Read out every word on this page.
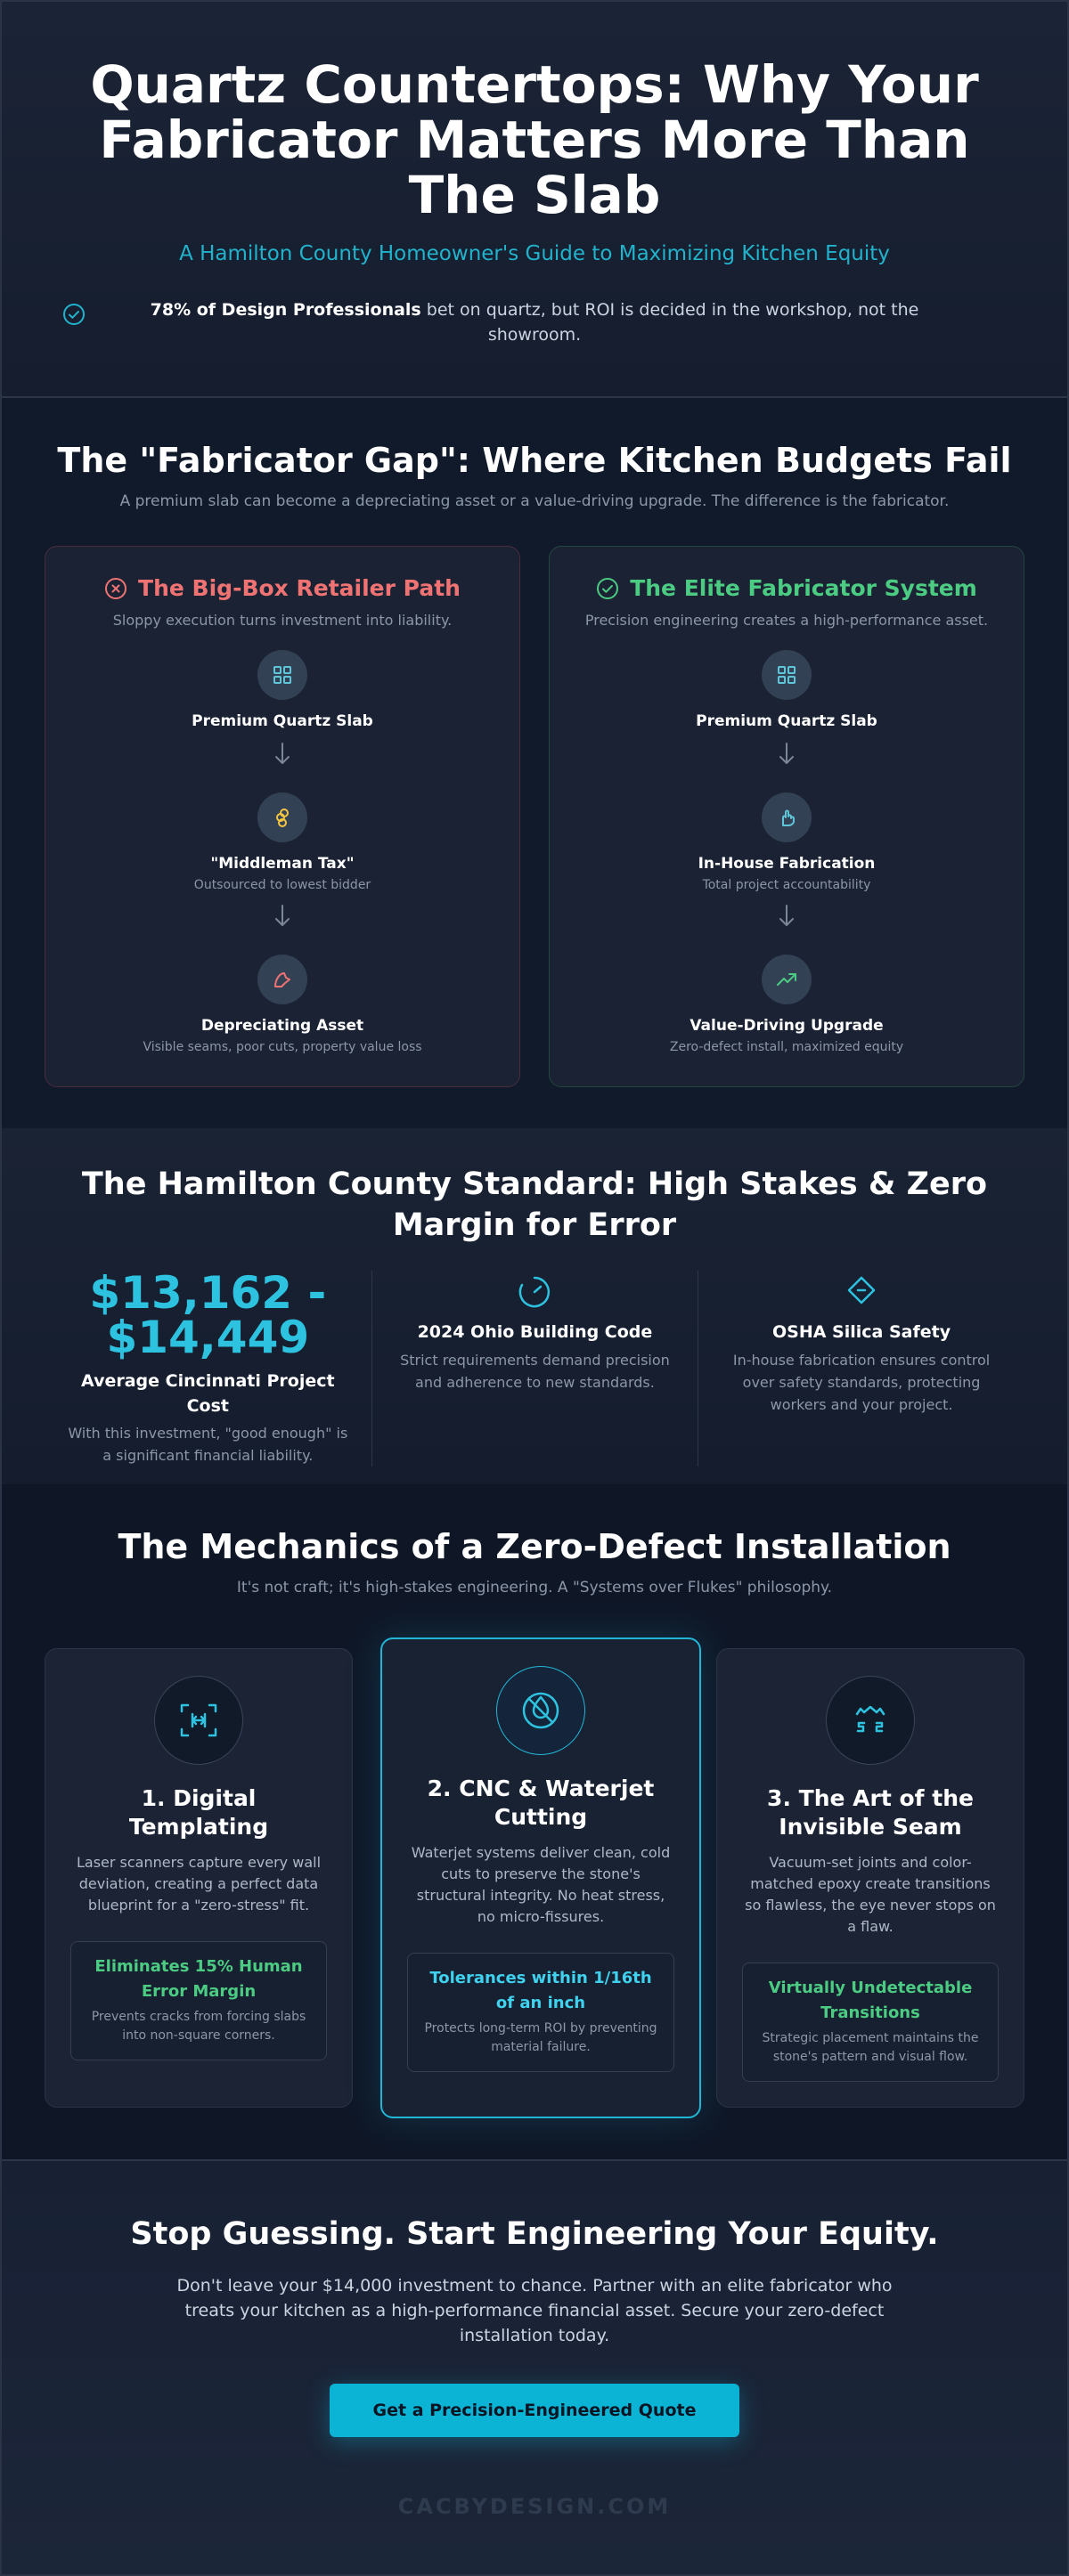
Quartz Countertops: Why Your Fabricator Matters More Than The Slab
A Hamilton County Homeowner's Guide to Maximizing Kitchen Equity
78% of Design Professionals bet on quartz, but ROI is decided in the workshop, not the showroom.
The "Fabricator Gap": Where Kitchen Budgets Fail
A premium slab can become a depreciating asset or a value-driving upgrade. The difference is the fabricator.
The Big-Box Retailer Path
Sloppy execution turns investment into liability.
Premium Quartz Slab
"Middleman Tax"
Outsourced to lowest bidder
Depreciating Asset
Visible seams, poor cuts, property value loss
The Elite Fabricator System
Precision engineering creates a high-performance asset.
Premium Quartz Slab
In-House Fabrication
Total project accountability
Value-Driving Upgrade
Zero-defect install, maximized equity
The Hamilton County Standard: High Stakes & Zero Margin for Error
$13,162 - $14,449
Average Cincinnati Project Cost
With this investment, "good enough" is a significant financial liability.
2024 Ohio Building Code
Strict requirements demand precision and adherence to new standards.
OSHA Silica Safety
In-house fabrication ensures control over safety standards, protecting workers and your project.
The Mechanics of a Zero-Defect Installation
It's not craft; it's high-stakes engineering. A "Systems over Flukes" philosophy.
1. Digital Templating
Laser scanners capture every wall deviation, creating a perfect data blueprint for a "zero-stress" fit.
Eliminates 15% Human Error Margin
Prevents cracks from forcing slabs into non-square corners.
2. CNC & Waterjet Cutting
Waterjet systems deliver clean, cold cuts to preserve the stone's structural integrity. No heat stress, no micro-fissures.
Tolerances within 1/16th of an inch
Protects long-term ROI by preventing material failure.
3. The Art of the Invisible Seam
Vacuum-set joints and color-matched epoxy create transitions so flawless, the eye never stops on a flaw.
Virtually Undetectable Transitions
Strategic placement maintains the stone's pattern and visual flow.
Stop Guessing. Start Engineering Your Equity.

Don't leave your $14,000 investment to chance. Partner with an elite fabricator who treats your kitchen as a high-performance financial asset. Secure your zero-defect installation today.

Get a Precision-Engineered Quote
CACBYDESIGN.COM
